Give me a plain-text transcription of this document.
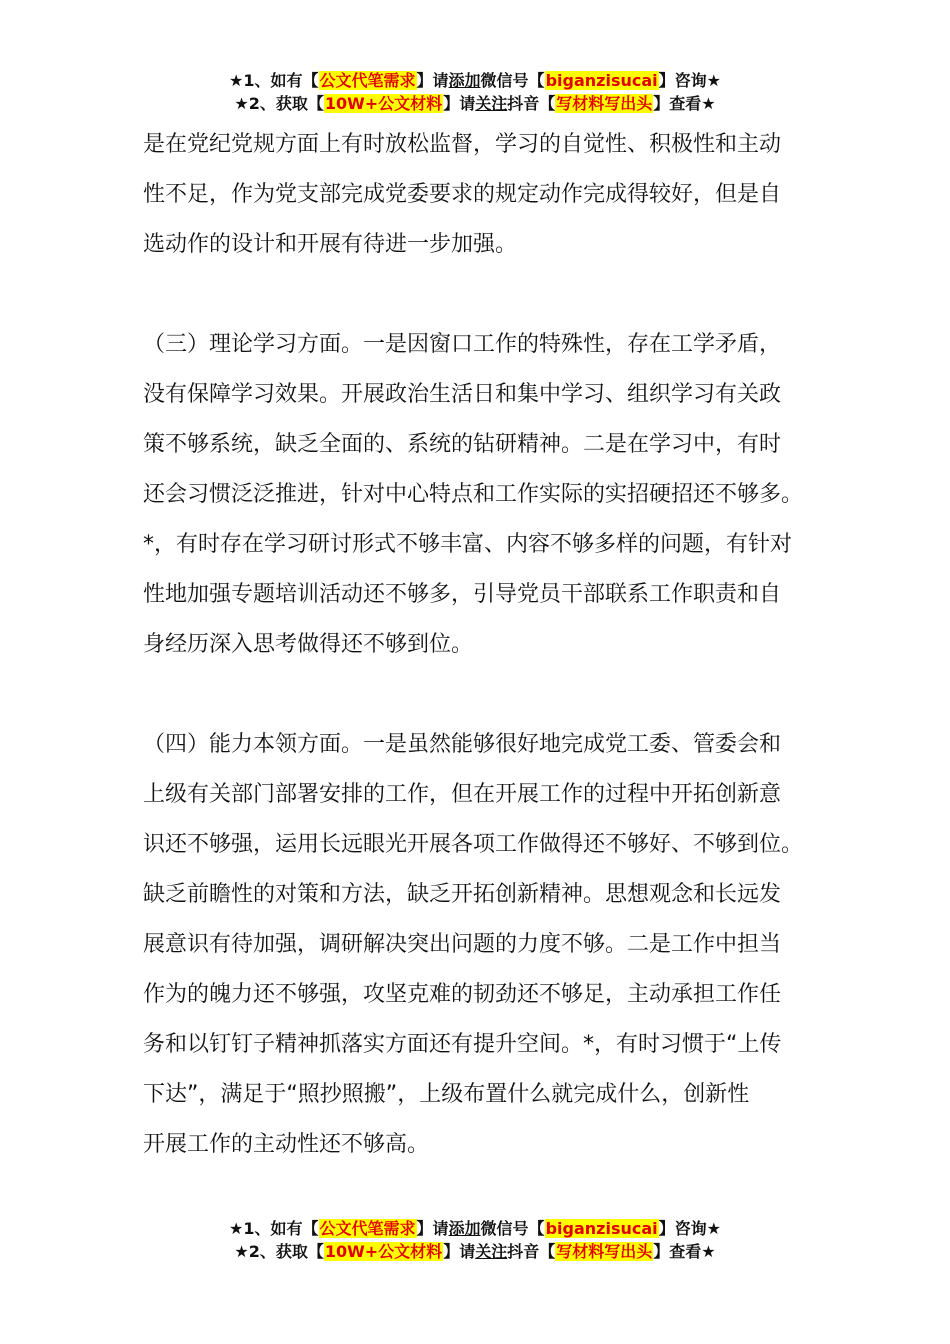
★1、如有【公文代笔需求】请添加微信号【biganzisucai】咨询★
★2、获取【10W+公文材料】请关注抖音【写材料写出头】查看★

是在党纪党规方面上有时放松监督，学习的自觉性、积极性和主动
性不足，作为党支部完成党委要求的规定动作完成得较好，但是自
选动作的设计和开展有待进一步加强。

（三）理论学习方面。一是因窗口工作的特殊性，存在工学矛盾，
没有保障学习效果。开展政治生活日和集中学习、组织学习有关政
策不够系统，缺乏全面的、系统的钻研精神。二是在学习中，有时
还会习惯泛泛推进，针对中心特点和工作实际的实招硬招还不够多。
*，有时存在学习研讨形式不够丰富、内容不够多样的问题，有针对
性地加强专题培训活动还不够多，引导党员干部联系工作职责和自
身经历深入思考做得还不够到位。

（四）能力本领方面。一是虽然能够很好地完成党工委、管委会和
上级有关部门部署安排的工作，但在开展工作的过程中开拓创新意
识还不够强，运用长远眼光开展各项工作做得还不够好、不够到位。
缺乏前瞻性的对策和方法，缺乏开拓创新精神。思想观念和长远发
展意识有待加强，调研解决突出问题的力度不够。二是工作中担当
作为的魄力还不够强，攻坚克难的韧劲还不够足，主动承担工作任
务和以钉钉子精神抓落实方面还有提升空间。*，有时习惯于“上传
下达”，满足于“照抄照搬”，上级布置什么就完成什么，创新性
开展工作的主动性还不够高。

★1、如有【公文代笔需求】请添加微信号【biganzisucai】咨询★
★2、获取【10W+公文材料】请关注抖音【写材料写出头】查看★
